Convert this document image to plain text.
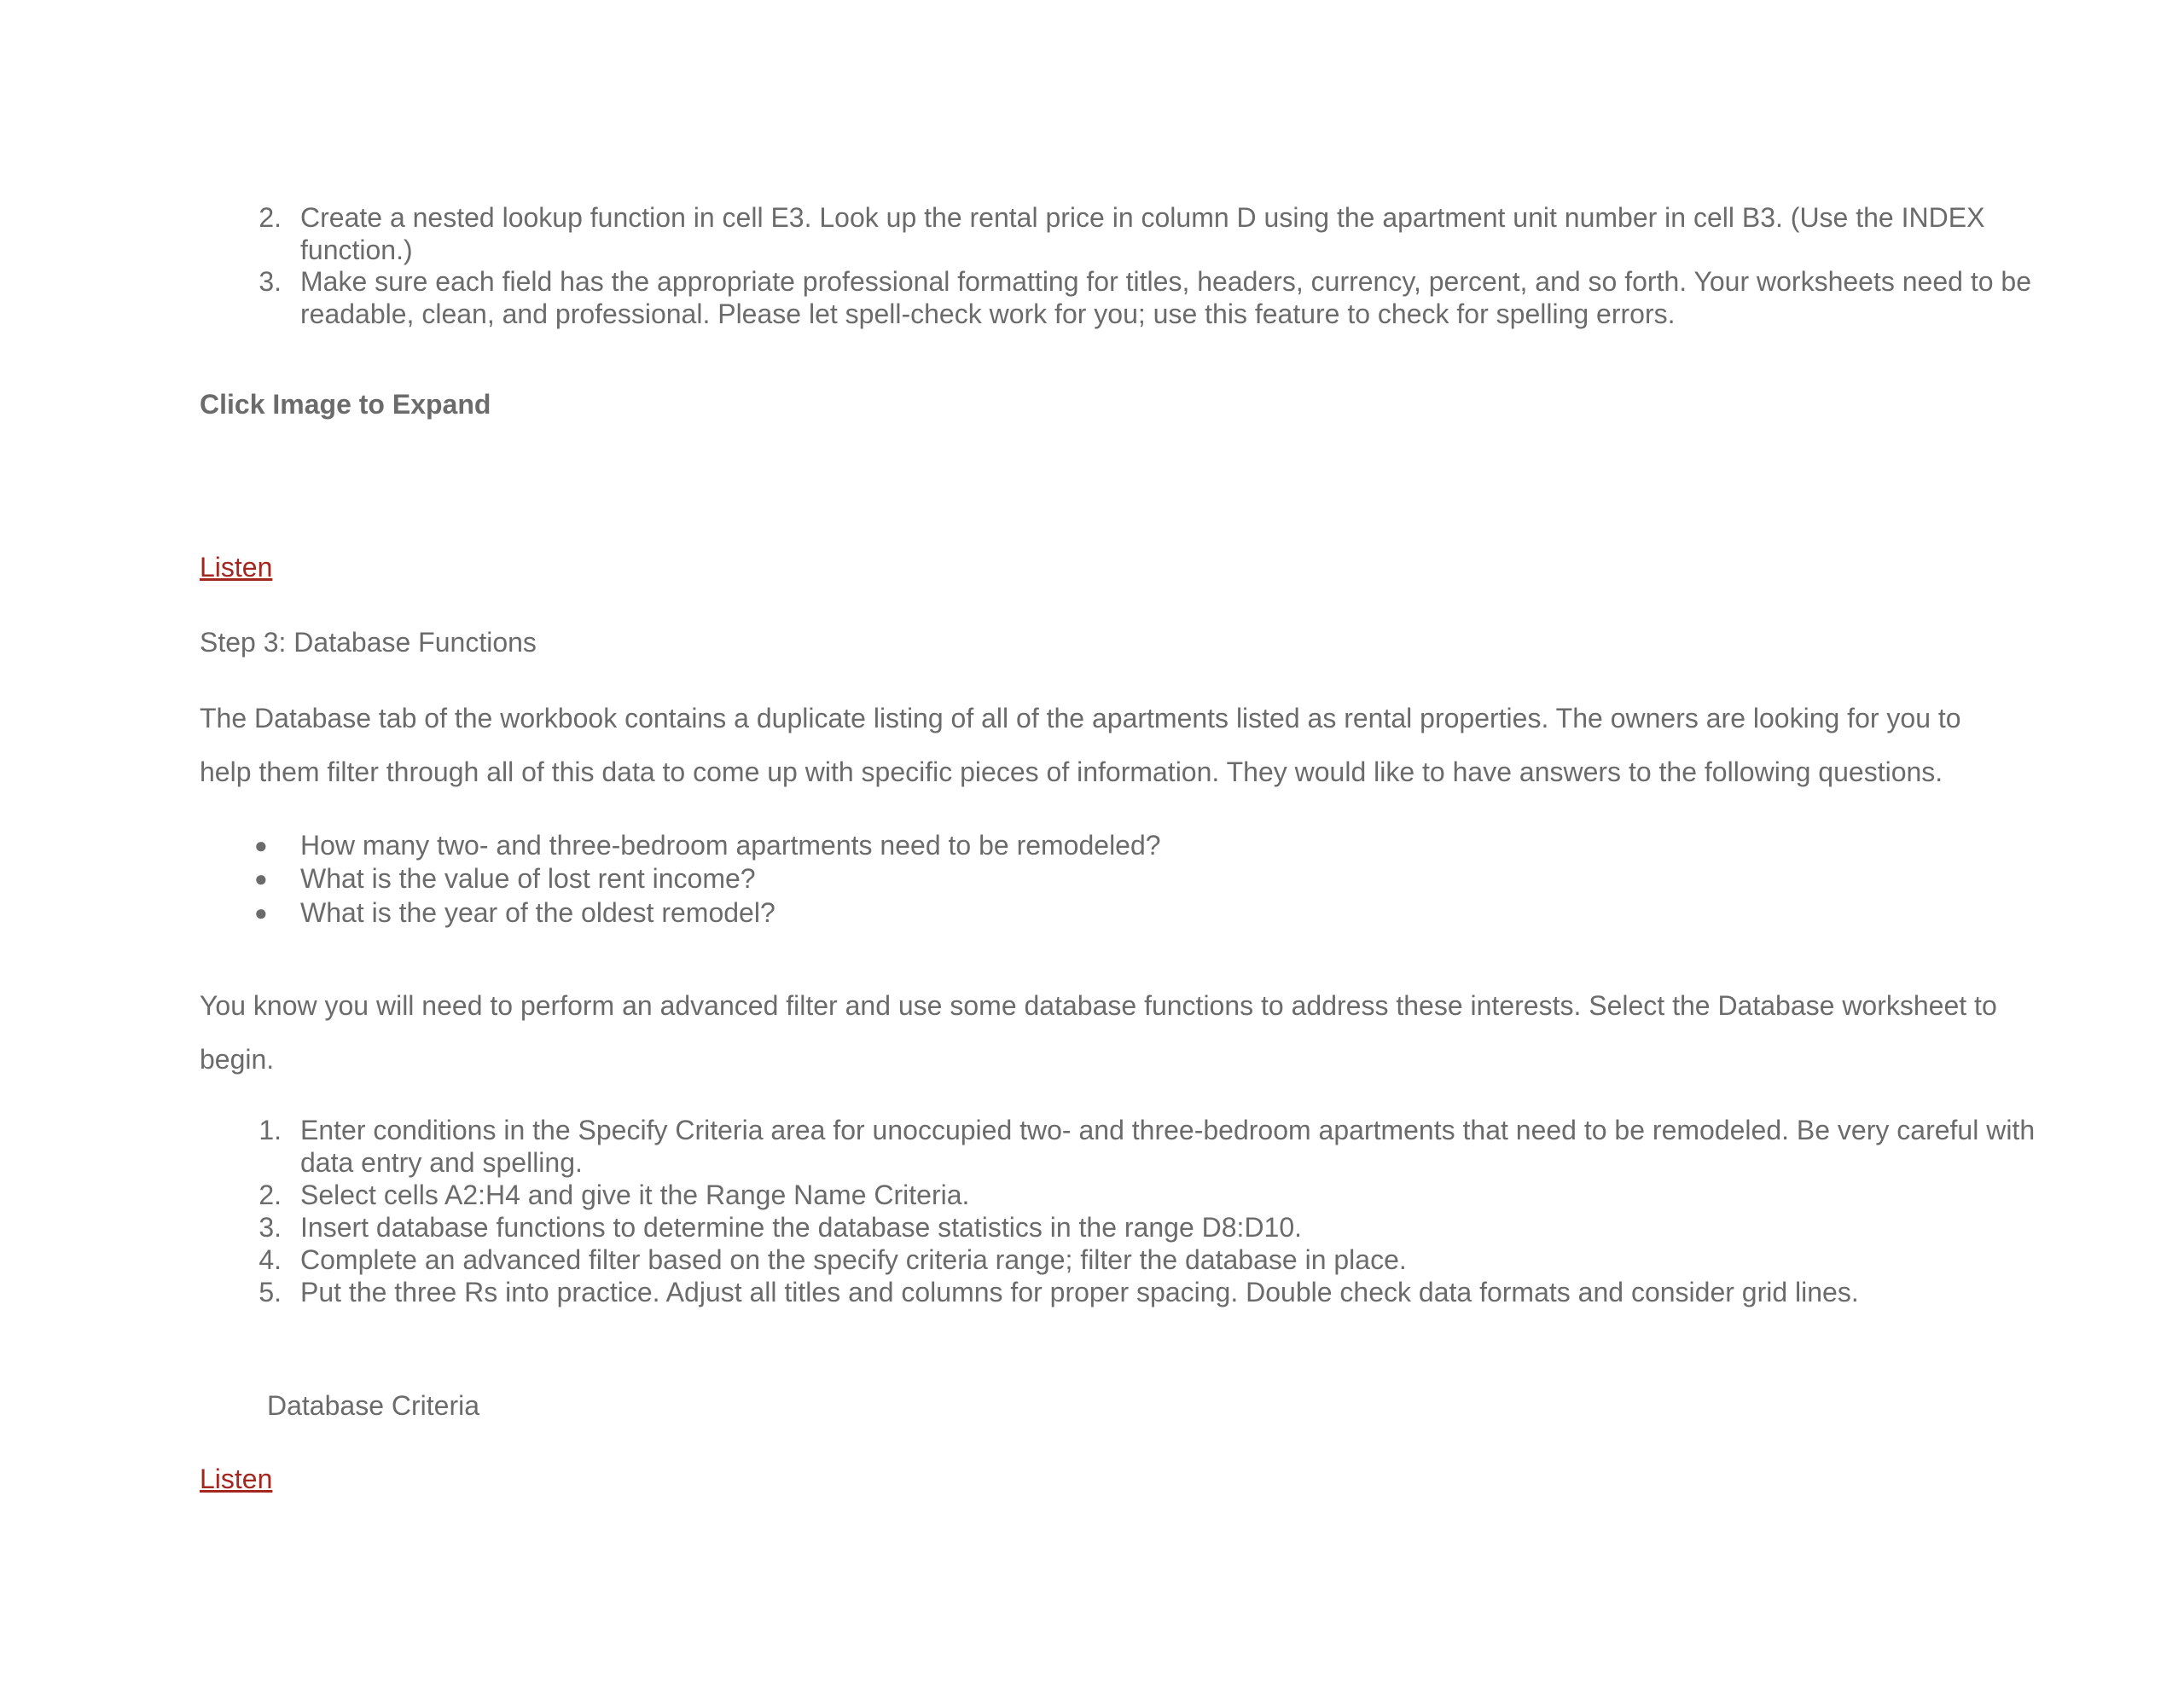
2. Create a nested lookup function in cell E3. Look up the rental price in column D using the apartment unit number in cell B3. (Use the INDEX function.)
3. Make sure each field has the appropriate professional formatting for titles, headers, currency, percent, and so forth. Your worksheets need to be readable, clean, and professional. Please let spell-check work for you; use this feature to check for spelling errors.
Click Image to Expand
Listen
Step 3: Database Functions
The Database tab of the workbook contains a duplicate listing of all of the apartments listed as rental properties. The owners are looking for you to help them filter through all of this data to come up with specific pieces of information. They would like to have answers to the following questions.
● How many two- and three-bedroom apartments need to be remodeled?
● What is the value of lost rent income?
● What is the year of the oldest remodel?
You know you will need to perform an advanced filter and use some database functions to address these interests. Select the Database worksheet to begin.
1. Enter conditions in the Specify Criteria area for unoccupied two- and three-bedroom apartments that need to be remodeled. Be very careful with data entry and spelling.
2. Select cells A2:H4 and give it the Range Name Criteria.
3. Insert database functions to determine the database statistics in the range D8:D10.
4. Complete an advanced filter based on the specify criteria range; filter the database in place.
5. Put the three Rs into practice. Adjust all titles and columns for proper spacing. Double check data formats and consider grid lines.
Database Criteria
Listen
